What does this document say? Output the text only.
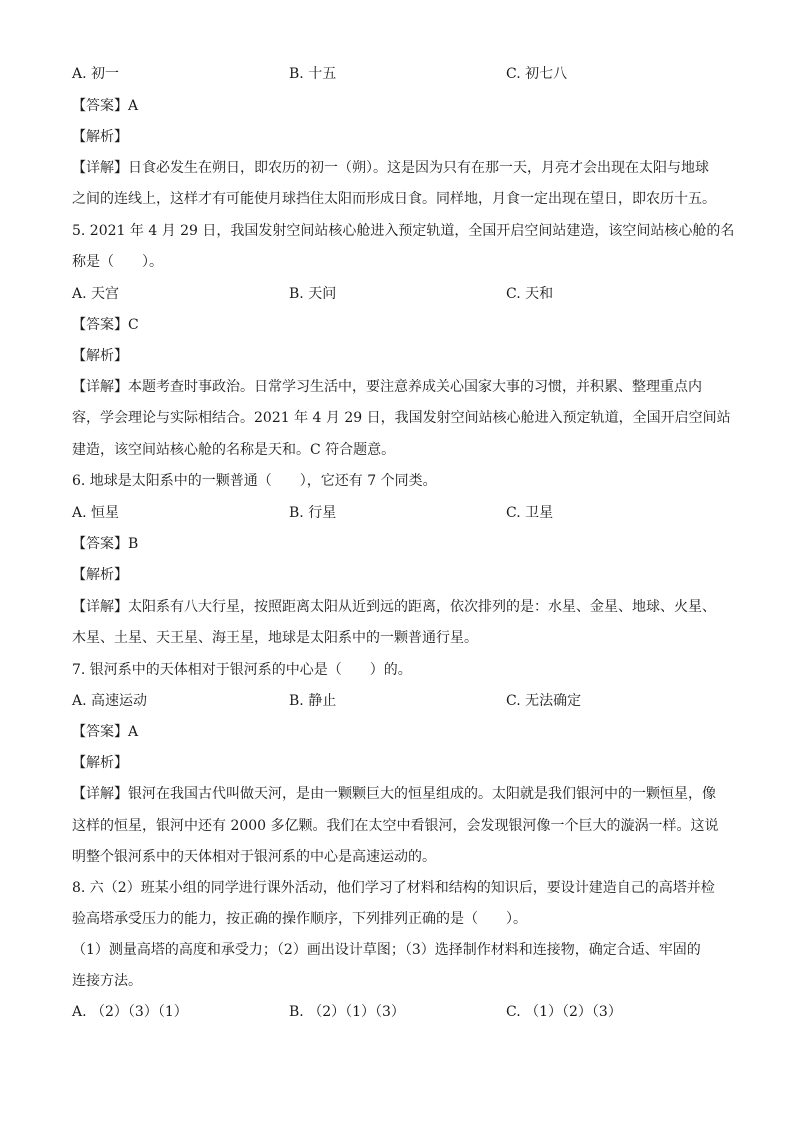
A. 初一	B. 十五	C. 初七八
【答案】A
【解析】
【详解】日食必发生在朔日，即农历的初一（朔）。这是因为只有在那一天，月亮才会出现在太阳与地球
之间的连线上，这样才有可能使月球挡住太阳而形成日食。同样地，月食一定出现在望日，即农历十五。
5. 2021 年 4 月 29 日，我国发射空间站核心舱进入预定轨道，全国开启空间站建造，该空间站核心舱的名
称是（　　）。
A. 天宫	B. 天问	C. 天和
【答案】C
【解析】
【详解】本题考查时事政治。日常学习生活中，要注意养成关心国家大事的习惯，并积累、整理重点内
容，学会理论与实际相结合。2021 年 4 月 29 日，我国发射空间站核心舱进入预定轨道，全国开启空间站
建造，该空间站核心舱的名称是天和。C 符合题意。
6. 地球是太阳系中的一颗普通（　　），它还有 7 个同类。
A. 恒星	B. 行星	C. 卫星
【答案】B
【解析】
【详解】太阳系有八大行星，按照距离太阳从近到远的距离，依次排列的是：水星、金星、地球、火星、
木星、土星、天王星、海王星，地球是太阳系中的一颗普通行星。
7. 银河系中的天体相对于银河系的中心是（　　）的。
A. 高速运动	B. 静止	C. 无法确定
【答案】A
【解析】
【详解】银河在我国古代叫做天河，是由一颗颗巨大的恒星组成的。太阳就是我们银河中的一颗恒星，像
这样的恒星，银河中还有 2000 多亿颗。我们在太空中看银河，会发现银河像一个巨大的漩涡一样。这说
明整个银河系中的天体相对于银河系的中心是高速运动的。
8. 六（2）班某小组的同学进行课外活动，他们学习了材料和结构的知识后，要设计建造自己的高塔并检
验高塔承受压力的能力，按正确的操作顺序，下列排列正确的是（　　）。
（1）测量高塔的高度和承受力；（2）画出设计草图；（3）选择制作材料和连接物，确定合适、牢固的
连接方法。
A. （2）（3）（1）	B. （2）（1）（3）	C. （1）（2）（3）
